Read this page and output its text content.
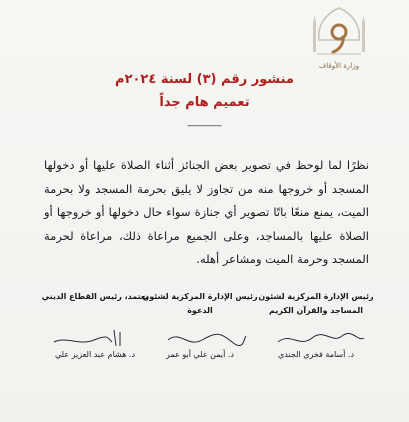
وزارة الأوقاف
منشور رقم (٣) لسنة ٢٠٢٤م
تعميم هام جداً
---------------
نظرًا لما لوحظ في تصوير بعض الجنائز أثناء الصلاة عليها أو دخولها المسجد أو خروجها منه من تجاوز لا يليق بحرمة المسجد ولا بحرمة الميت، يمنع منعًا باتًا تصوير أي جنازة سواء حال دخولها أو خروجها أو الصلاة عليها بالمساجد، وعلى الجميع مراعاة ذلك، مراعاة لحرمة المسجد وحرمة الميت ومشاعر أهله.
رئيس الإدارة المركزية لشئون المساجد والقرآن الكريم
د. أسامة فخري الجندي
رئيس الإدارة المركزية لشئون الدعوة
د. أيمن علي أبو عمر
يعتمد، رئيس القطاع الديني
د. هشام عبد العزيز علي
